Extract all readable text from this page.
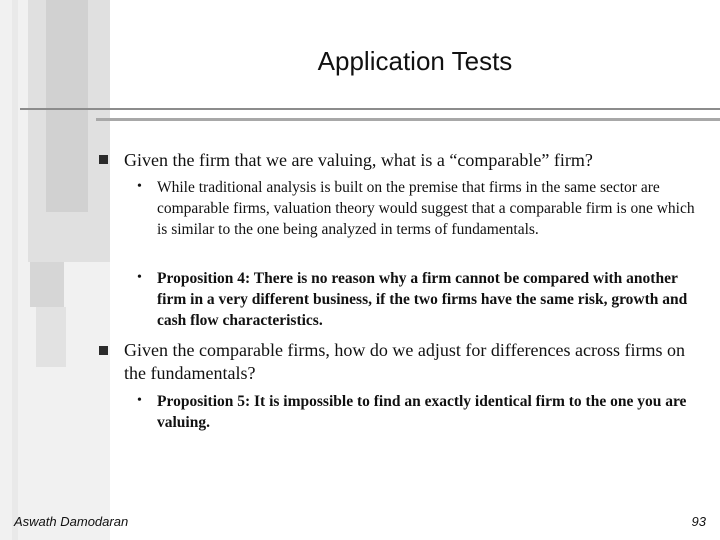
Application Tests
Given the firm that we are valuing, what is a “comparable” firm?
• While traditional analysis is built on the premise that firms in the same sector are comparable firms, valuation theory would suggest that a comparable firm is one which is similar to the one being analyzed in terms of fundamentals.
• Proposition 4: There is no reason why a firm cannot be compared with another firm in a very different business, if the two firms have the same risk, growth and cash flow characteristics.
Given the comparable firms, how do we adjust for differences across firms on the fundamentals?
• Proposition 5: It is impossible to find an exactly identical firm to the one you are valuing.
Aswath Damodaran	93
